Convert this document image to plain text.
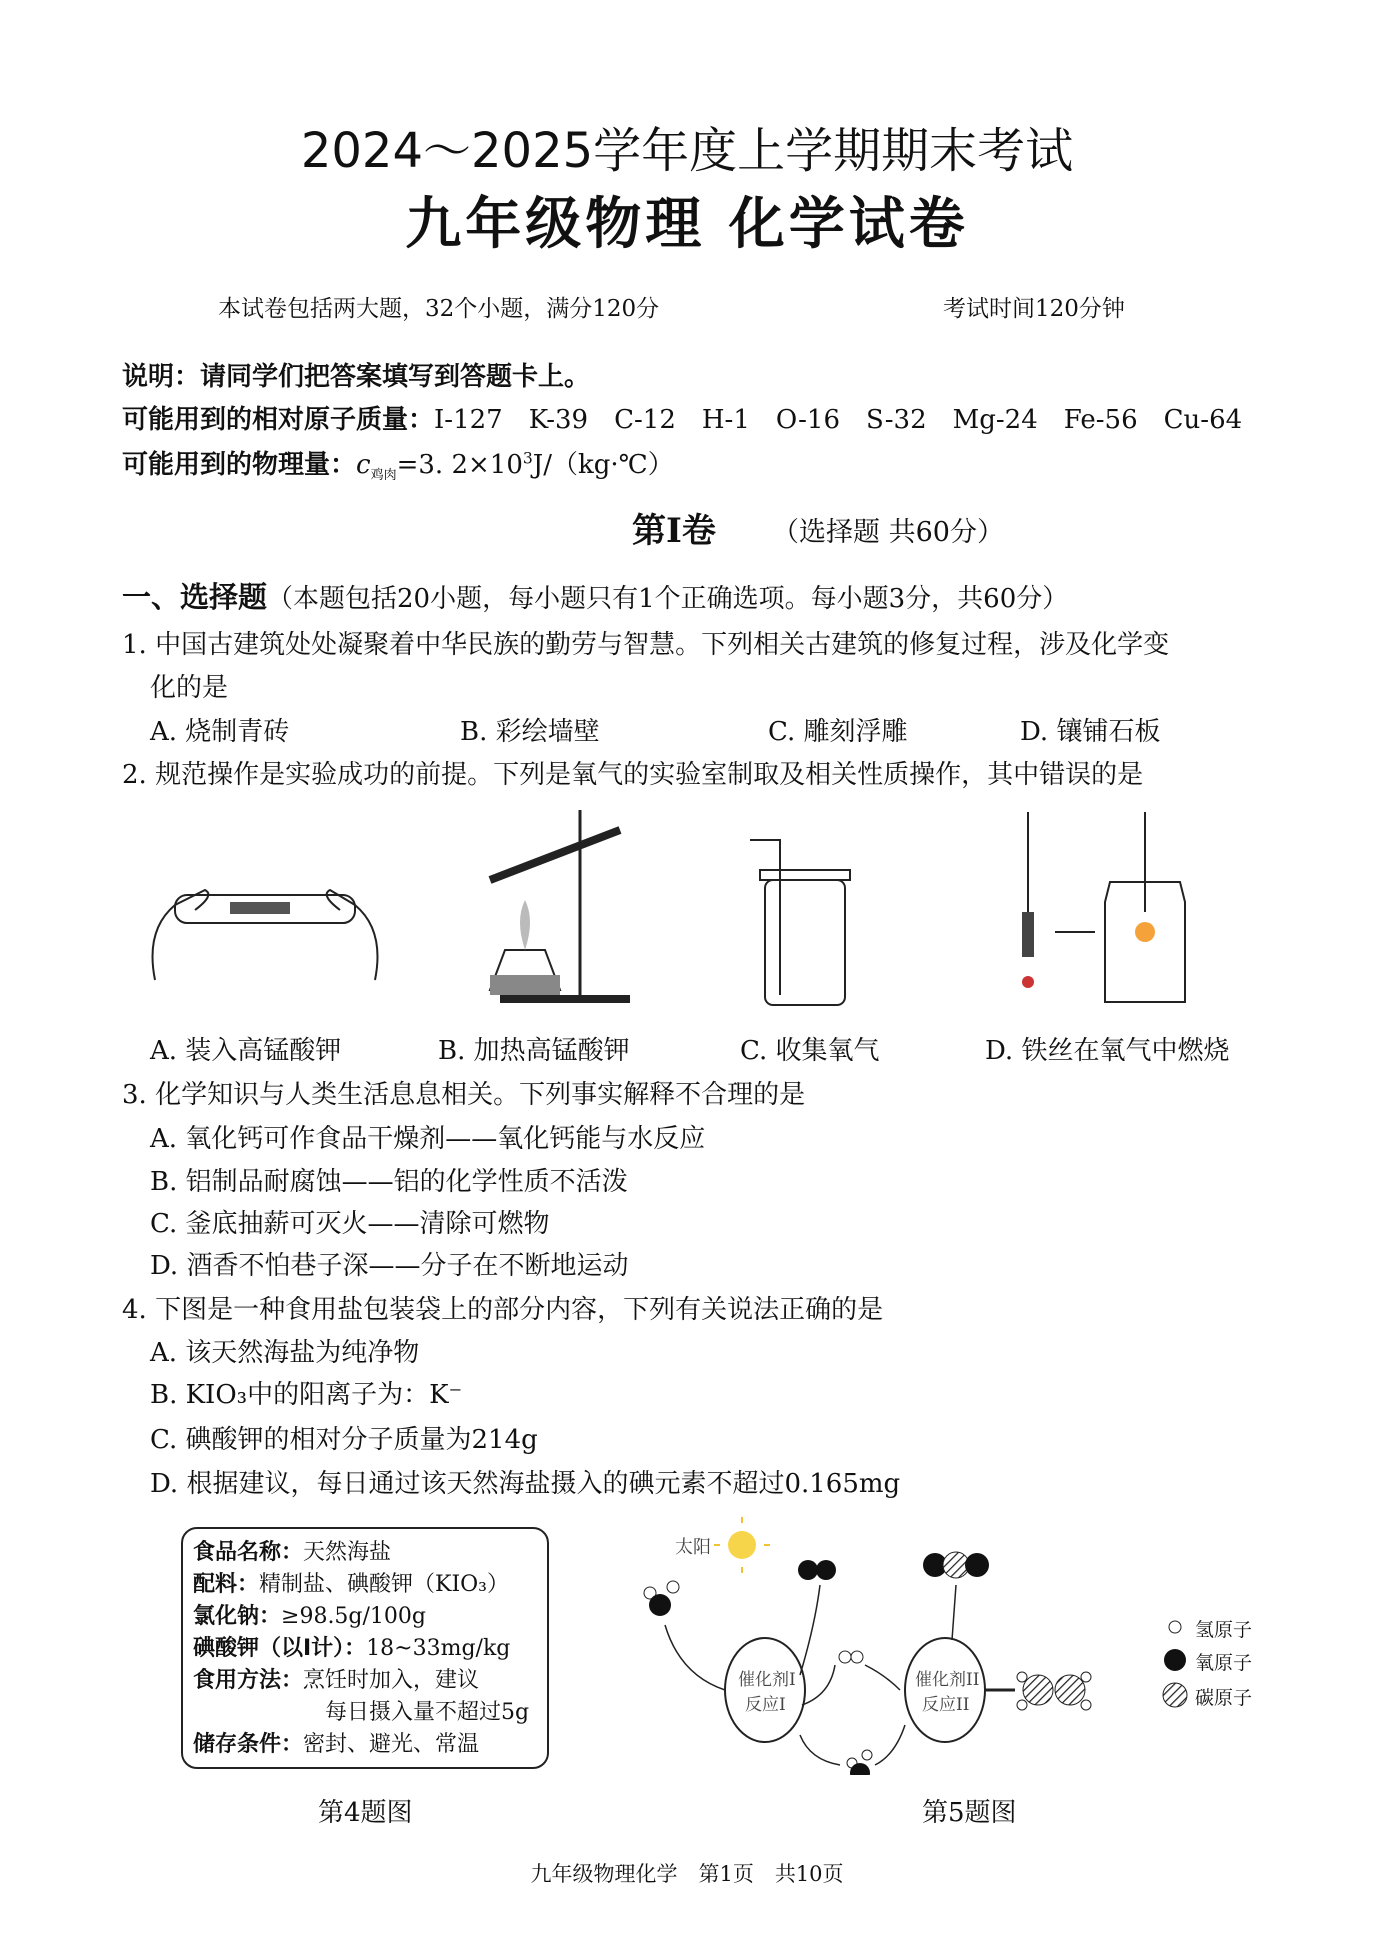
2024～2025学年度上学期期末考试
九年级物理 化学试卷
本试卷包括两大题，32个小题，满分120分	考试时间120分钟
说明：请同学们把答案填写到答题卡上。
可能用到的相对原子质量：I-127　K-39　C-12　H-1　O-16　S-32　Mg-24　Fe-56　Cu-64
可能用到的物理量：$c_{鸡肉}=3$. $2\times 10^3J/(kg\cdot℃)$
第Ⅰ卷 （选择题 共60分）
一、选择题（本题包括20小题，每小题只有1个正确选项。每小题3分，共60分）
1. 中国古建筑处处凝聚着中华民族的勤劳与智慧。下列相关古建筑的修复过程，涉及化学变
化的是
A. 烧制青砖	B. 彩绘墙壁	C. 雕刻浮雕	D. 镶铺石板
2. 规范操作是实验成功的前提。下列是氧气的实验室制取及相关性质操作，其中错误的是
A. 装入高锰酸钾	B. 加热高锰酸钾	C. 收集氧气	D. 铁丝在氧气中燃烧
3. 化学知识与人类生活息息相关。下列事实解释不合理的是
A. 氧化钙可作食品干燥剂——氧化钙能与水反应
B. 铝制品耐腐蚀——铝的化学性质不活泼
C. 釜底抽薪可灭火——清除可燃物
D. 酒香不怕巷子深——分子在不断地运动
4. 下图是一种食用盐包装袋上的部分内容，下列有关说法正确的是
A. 该天然海盐为纯净物
B. KIO₃中的阳离子为：K⁻
C. 碘酸钾的相对分子质量为214g
D. 根据建议，每日通过该天然海盐摄入的碘元素不超过0.165mg
食品名称：天然海盐
配料：精制盐、碘酸钾（KIO₃）
氯化钠：≥98.5g/100g
碘酸钾（以I计）：18~33mg/kg
食用方法：烹饪时加入，建议
每日摄入量不超过5g
储存条件：密封、避光、常温
太阳
催化剂I
反应I
催化剂II
反应II
氢原子
氧原子
碳原子
第4题图	第5题图
九年级物理化学　第1页　共10页
